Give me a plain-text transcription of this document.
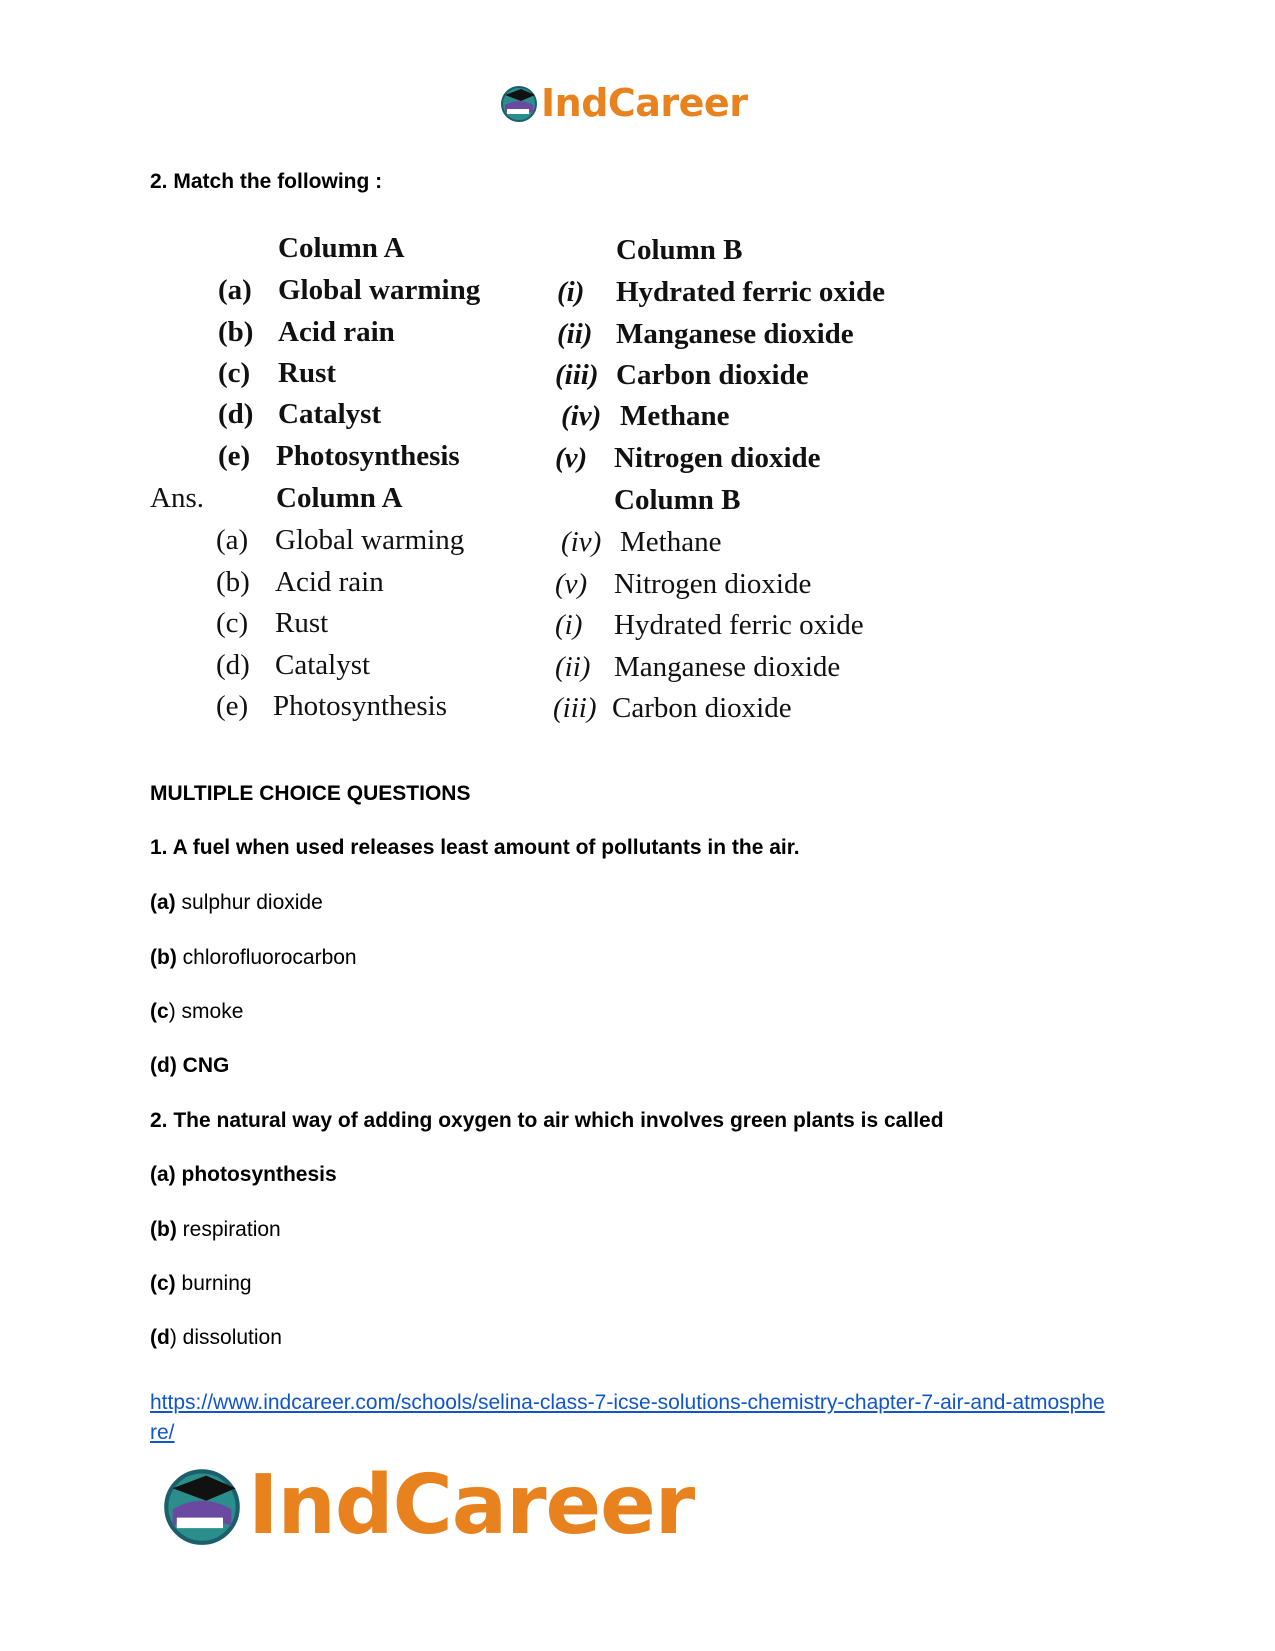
IndCareer
2. Match the following :
Column A	Column B
(a) Global warming	(i) Hydrated ferric oxide
(b) Acid rain	(ii) Manganese dioxide
(c) Rust	(iii) Carbon dioxide
(d) Catalyst	(iv) Methane
(e) Photosynthesis	(v) Nitrogen dioxide
Ans. Column A	Column B
(a) Global warming	(iv) Methane
(b) Acid rain	(v) Nitrogen dioxide
(c) Rust	(i) Hydrated ferric oxide
(d) Catalyst	(ii) Manganese dioxide
(e) Photosynthesis	(iii) Carbon dioxide
MULTIPLE CHOICE QUESTIONS
1. A fuel when used releases least amount of pollutants in the air.
(a) sulphur dioxide
(b) chlorofluorocarbon
(c) smoke
(d) CNG
2. The natural way of adding oxygen to air which involves green plants is called
(a) photosynthesis
(b) respiration
(c) burning
(d) dissolution
https://www.indcareer.com/schools/selina-class-7-icse-solutions-chemistry-chapter-7-air-and-atmosphere/
IndCareer
